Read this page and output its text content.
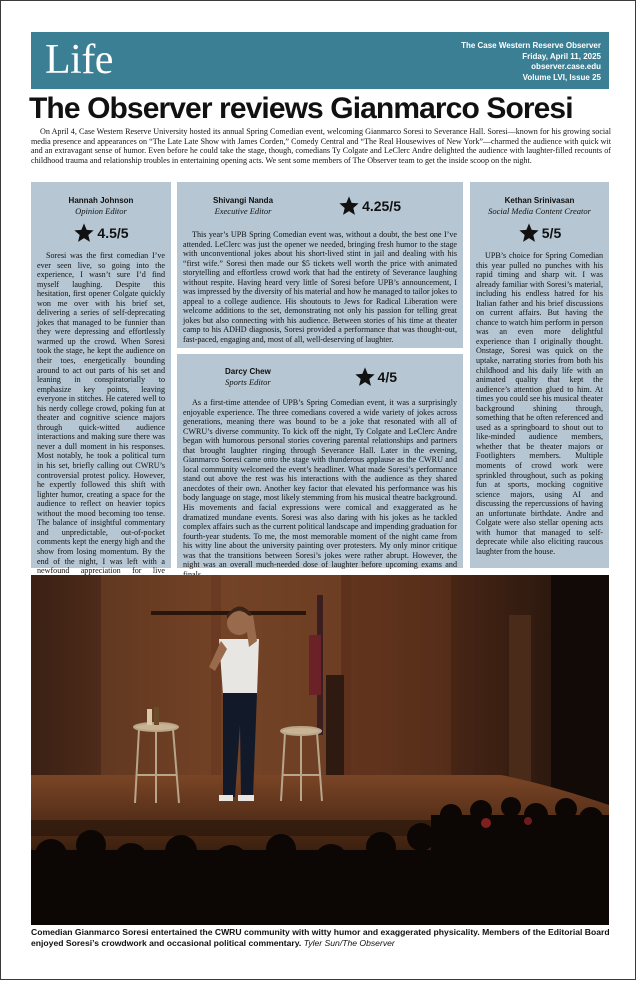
Life	The Case Western Reserve Observer
Friday, April 11, 2025
observer.case.edu
Volume LVI, Issue 25
The Observer reviews Gianmarco Soresi

On April 4, Case Western Reserve University hosted its annual Spring Comedian event, welcoming Gianmarco Soresi to Severance Hall. Soresi—known for his growing social media presence and appearances on “The Late Late Show with James Corden,” Comedy Central and “The Real Housewives of New York”—charmed the audience with quick wit and an extravagant sense of humor. Even before he could take the stage, though, comedians Ty Colgate and LeClerc Andre delighted the audience with laughter-filled recounts of childhood trauma and relationship troubles in entertaining opening acts. We sent some members of The Observer team to get the inside scoop on the night.

Hannah Johnson
Opinion Editor
4.5/5

Soresi was the first comedian I’ve ever seen live, so going into the experience, I wasn’t sure I’d find myself laughing. Despite this hesitation, first opener Colgate quickly won me over with his brief set, delivering a series of self-deprecating jokes that managed to be funnier than they were depressing and effortlessly warmed up the crowd. When Soresi took the stage, he kept the audience on their toes, energetically bounding around to act out parts of his set and leaning in conspiratorially to emphasize key points, leaving everyone in stitches. He catered well to his nerdy college crowd, poking fun at theater and cognitive science majors through quick-witted audience interactions and making sure there was never a dull moment in his responses. Most notably, he took a political turn in his set, briefly calling out CWRU’s controversial protest policy. However, he expertly followed this shift with lighter humor, creating a space for the audience to reflect on heavier topics without the mood becoming too tense. The balance of insightful commentary and unpredictable, out-of-pocket comments kept the energy high and the show from losing momentum. By the end of the night, I was left with a newfound appreciation for live

Shivangi Nanda
Executive Editor	4.25/5

This year’s UPB Spring Comedian event was, without a doubt, the best one I’ve attended. LeClerc was just the opener we needed, bringing fresh humor to the stage with unconventional jokes about his short-lived stint in jail and dealing with his “first wife.” Soresi then made our $5 tickets well worth the price with animated storytelling and effortless crowd work that had the entirety of Severance laughing without respite. Having heard very little of Soresi before UPB’s announcement, I was impressed by the diversity of his material and how he managed to tailor jokes to appeal to a college audience. His shoutouts to Jews for Radical Liberation were welcome additions to the set, demonstrating not only his passion for telling great jokes but also connecting with his audience. Between stories of his time at theater camp to his ADHD diagnosis, Soresi provided a performance that was thought-out, fast-paced, engaging and, most of all, well-deserving of laughter.

Darcy Chew
Sports Editor	4/5

As a first-time attendee of UPB’s Spring Comedian event, it was a surprisingly enjoyable experience. The three comedians covered a wide variety of jokes across generations, meaning there was bound to be a joke that resonated with all of CWRU’s diverse community. To kick off the night, Ty Colgate and LeClerc Andre began with humorous personal stories covering parental relationships and partners that brought laughter ringing through Severance Hall. Later in the evening, Gianmarco Soresi came onto the stage with thunderous applause as the CWRU and local community welcomed the event’s headliner. What made Soresi’s performance stand out above the rest was his interactions with the audience as they shared anecdotes of their own. Another key factor that elevated his performance was his body language on stage, most likely stemming from his musical theatre background. His movements and facial expressions were comical and exaggerated as he dramatized mundane events. Soresi was also daring with his jokes as he tackled complex affairs such as the current political landscape and impending graduation for fourth-year students. To me, the most memorable moment of the night came from his witty line about the university painting over protesters. My only minor critique was that the transitions between Soresi’s jokes were rather abrupt. However, the night was an overall much-needed dose of laughter before upcoming exams and

Kethan Srinivasan
Social Media Content Creator
5/5

UPB’s choice for Spring Comedian this year pulled no punches with his rapid timing and sharp wit. I was already familiar with Soresi’s material, including his endless hatred for his Italian father and his brief discussions on current affairs. But having the chance to watch him perform in person was an even more delightful experience than I originally thought. Onstage, Soresi was quick on the uptake, narrating stories from both his childhood and his daily life with an animated quality that kept the audience’s attention glued to him. At times you could see his musical theater background shining through, something that he often referenced and used as a springboard to shout out to like-minded audience members, whether that be theater majors or Footlighters members. Multiple moments of crowd work were sprinkled throughout, such as poking fun at sports, mocking cognitive science majors, using AI and discussing the repercussions of having an unfortunate birthdate. Andre and Colgate were also stellar opening acts with humor that managed to self-deprecate while also eliciting raucous laughter from the house.

Comedian Gianmarco Soresi entertained the CWRU community with witty humor and exaggerated physicality. Members of the Editorial Board enjoyed Soresi’s crowdwork and occasional political commentary. Tyler Sun/The Observer
